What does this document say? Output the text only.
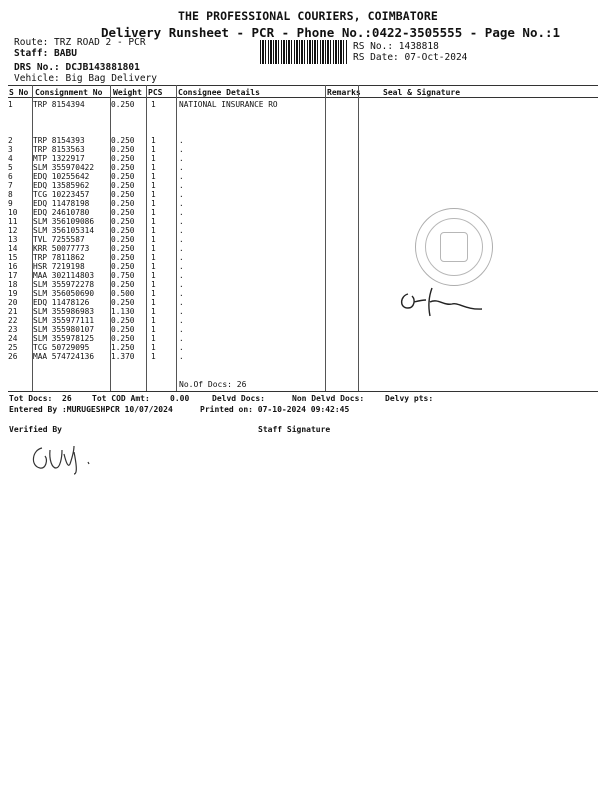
THE PROFESSIONAL COURIERS, COIMBATORE
Delivery Runsheet - PCR - Phone No.:0422-3505555 - Page No.:1
Route: TRZ ROAD 2 - PCR
Staff: BABU
DRS No.: DCJB143881801
Vehicle: Big Bag Delivery
RS No.: 1438818
RS Date: 07-Oct-2024
S No Consignment No Weight PCS Consignee Details	Remarks	Seal & Signature
1	TRP 8154394	0.250 1	NATIONAL INSURANCE RO
2	TRP 8154393	0.250 1	.
3	TRP 8153563	0.250 1	.
4	MTP 1322917	0.250 1	.
5	SLM 355970422 0.250 1	.
6	EDQ 10255642	0.250 1	.
7	EDQ 13585962	0.250 1	.
8	TCG 10223457	0.250 1	.
9	EDQ 11478198	0.250 1	.
10 EDQ 24610780	0.250 1	.
11 SLM 356109086 0.250 1	.
12 SLM 356105314 0.250 1	.
13 TVL 7255587	0.250 1	.
14 KRR 50077773	0.250 1	.
15 TRP 7811862	0.250 1	.
16 HSR 7219198	0.250 1	.
17 MAA 302114803 0.750 1	.
18 SLM 355972278 0.250 1	.
19 SLM 356050690 0.500 1	.
20 EDQ 11478126	0.250 1	.
21 SLM 355986983 1.130 1	.
22 SLM 355977111 0.250 1	.
23 SLM 355980107 0.250 1	.
24 SLM 355978125 0.250 1	.
25 TCG 50729095	1.250 1	.
26 MAA 574724136 1.370 1	.
No.Of Docs: 26
Tot Docs: 26	Tot COD Amt:	0.00	Delvd Docs:	Non Delvd Docs:	Delvy pts:
Entered By :MURUGESHPCR 10/07/2024	Printed on: 07-10-2024 09:42:45
Verified By	Staff Signature
